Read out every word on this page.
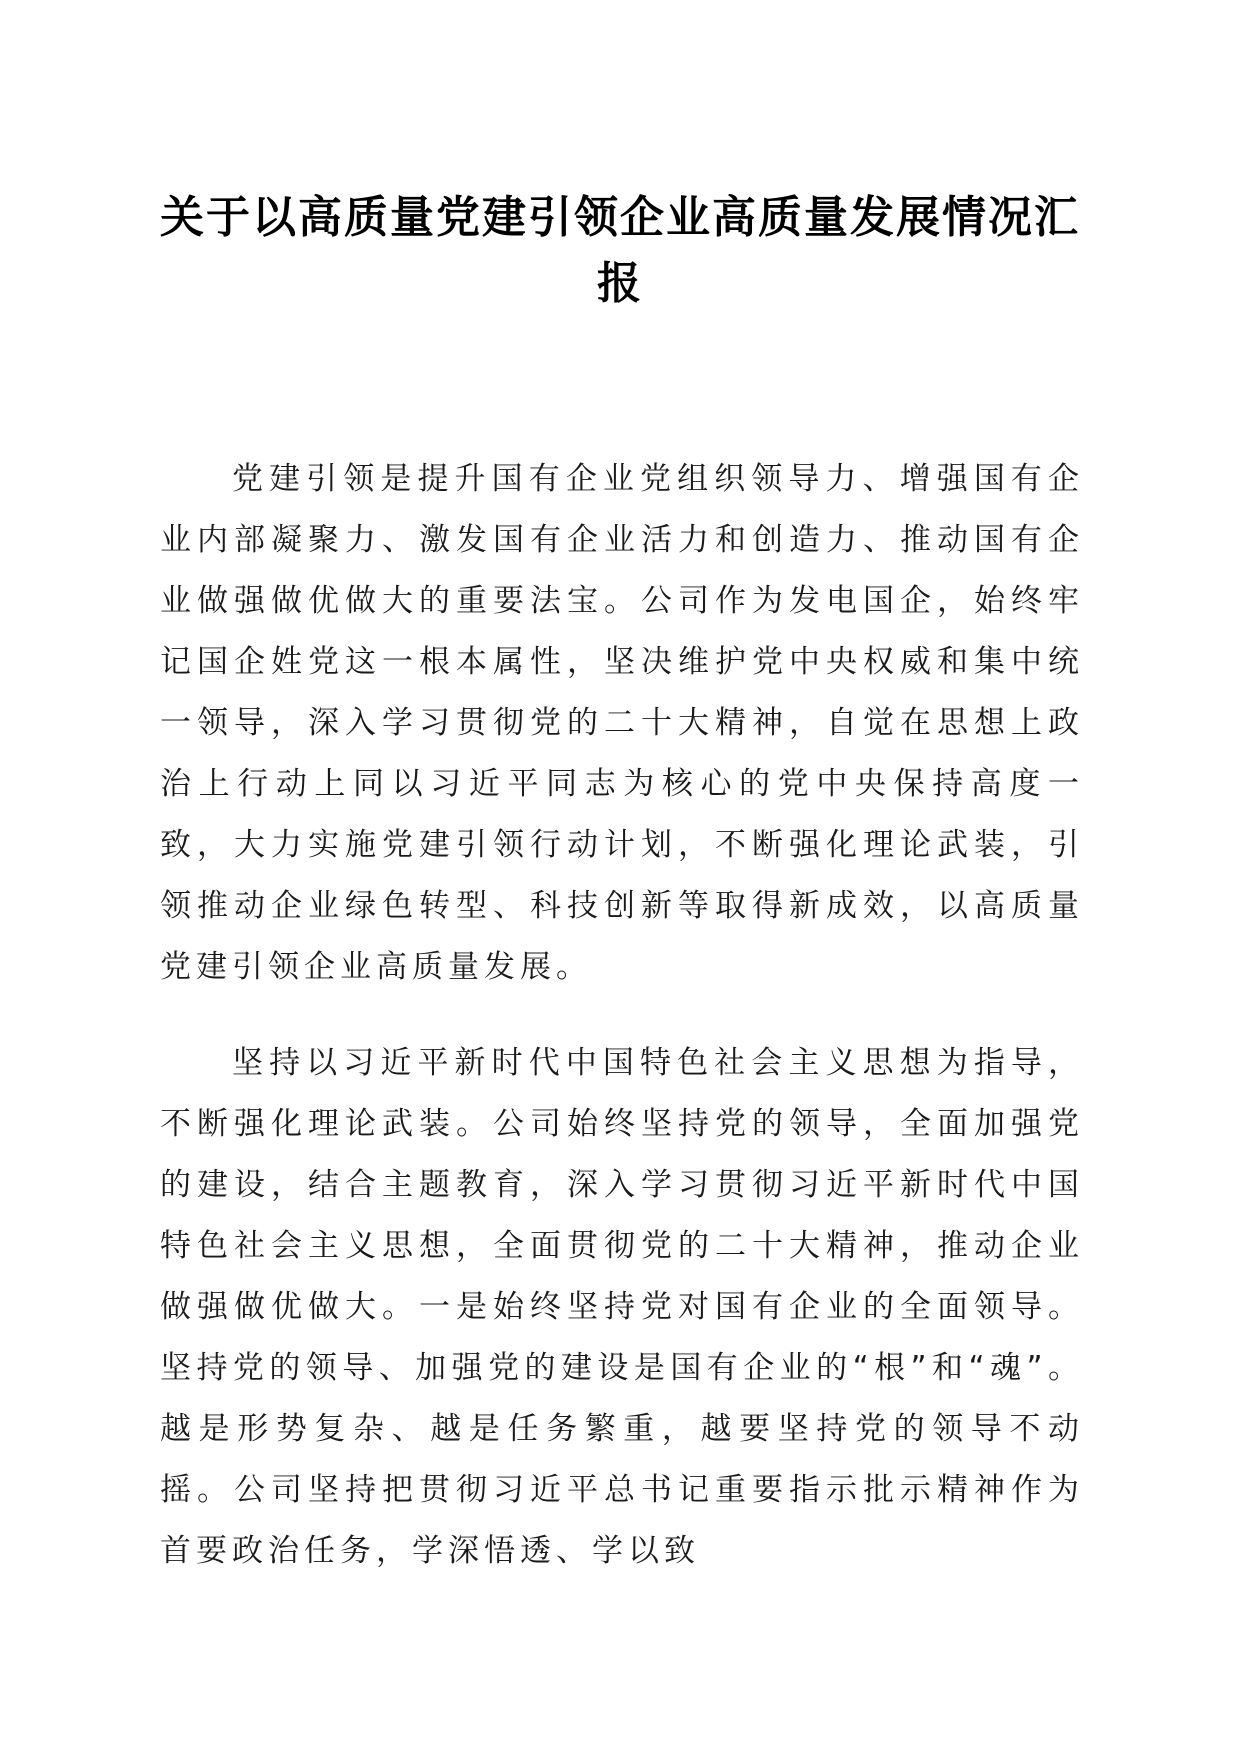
关于以高质量党建引领企业高质量发展情况汇报

党建引领是提升国有企业党组织领导力、增强国有企业内部凝聚力、激发国有企业活力和创造力、推动国有企业做强做优做大的重要法宝。公司作为发电国企，始终牢记国企姓党这一根本属性，坚决维护党中央权威和集中统一领导，深入学习贯彻党的二十大精神，自觉在思想上政治上行动上同以习近平同志为核心的党中央保持高度一致，大力实施党建引领行动计划，不断强化理论武装，引领推动企业绿色转型、科技创新等取得新成效，以高质量党建引领企业高质量发展。

坚持以习近平新时代中国特色社会主义思想为指导，不断强化理论武装。公司始终坚持党的领导，全面加强党的建设，结合主题教育，深入学习贯彻习近平新时代中国特色社会主义思想，全面贯彻党的二十大精神，推动企业做强做优做大。一是始终坚持党对国有企业的全面领导。坚持党的领导、加强党的建设是国有企业的“根”和“魂”。越是形势复杂、越是任务繁重，越要坚持党的领导不动摇。公司坚持把贯彻习近平总书记重要指示批示精神作为首要政治任务，学深悟透、学以致
